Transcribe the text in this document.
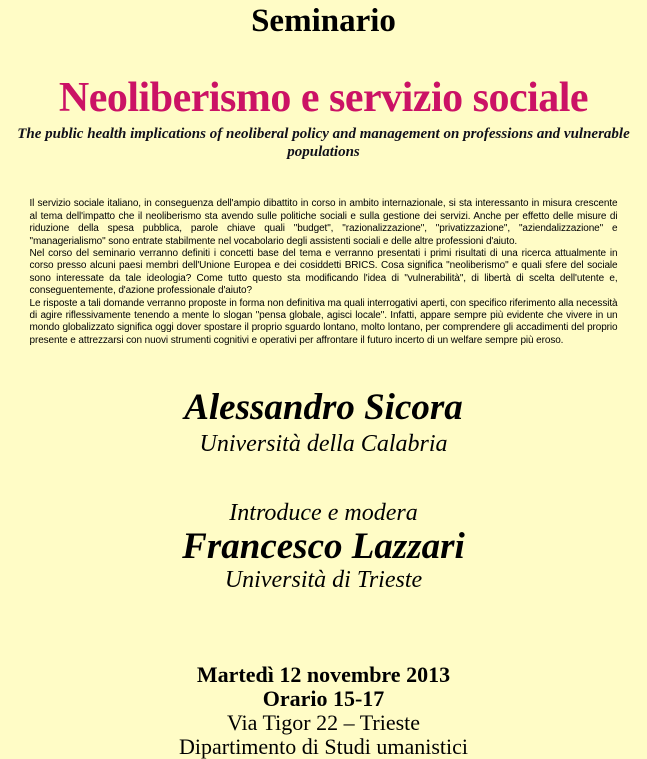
Seminario
Neoliberismo e servizio sociale
The public health implications of neoliberal policy and management on professions and vulnerable populations

Il servizio sociale italiano, in conseguenza dell'ampio dibattito in corso in ambito internazionale, si sta interessanto in misura crescente al tema dell'impatto che il neoliberismo sta avendo sulle politiche sociali e sulla gestione dei servizi. Anche per effetto delle misure di riduzione della spesa pubblica, parole chiave quali "budget", "razionalizzazione", "privatizzazione", "aziendalizzazione" e "managerialismo" sono entrate stabilmente nel vocabolario degli assistenti sociali e delle altre professioni d'aiuto.

Nel corso del seminario verranno definiti i concetti base del tema e verranno presentati i primi risultati di una ricerca attualmente in corso presso alcuni paesi membri dell'Unione Europea e dei cosiddetti BRICS. Cosa significa "neoliberismo" e quali sfere del sociale sono interessate da tale ideologia? Come tutto questo sta modificando l'idea di "vulnerabilità", di libertà di scelta dell'utente e, conseguentemente, d'azione professionale d'aiuto?

Le risposte a tali domande verranno proposte in forma non definitiva ma quali interrogativi aperti, con specifico riferimento alla necessità di agire riflessivamente tenendo a mente lo slogan "pensa globale, agisci locale". Infatti, appare sempre più evidente che vivere in un mondo globalizzato significa oggi dover spostare il proprio sguardo lontano, molto lontano, per comprendere gli accadimenti del proprio presente e attrezzarsi con nuovi strumenti cognitivi e operativi per affrontare il futuro incerto di un welfare sempre più eroso.

Alessandro Sicora
Università della Calabria
Introduce e modera
Francesco Lazzari
Università di Trieste
Martedì 12 novembre 2013
Orario 15-17
Via Tigor 22 – Trieste
Dipartimento di Studi umanistici
